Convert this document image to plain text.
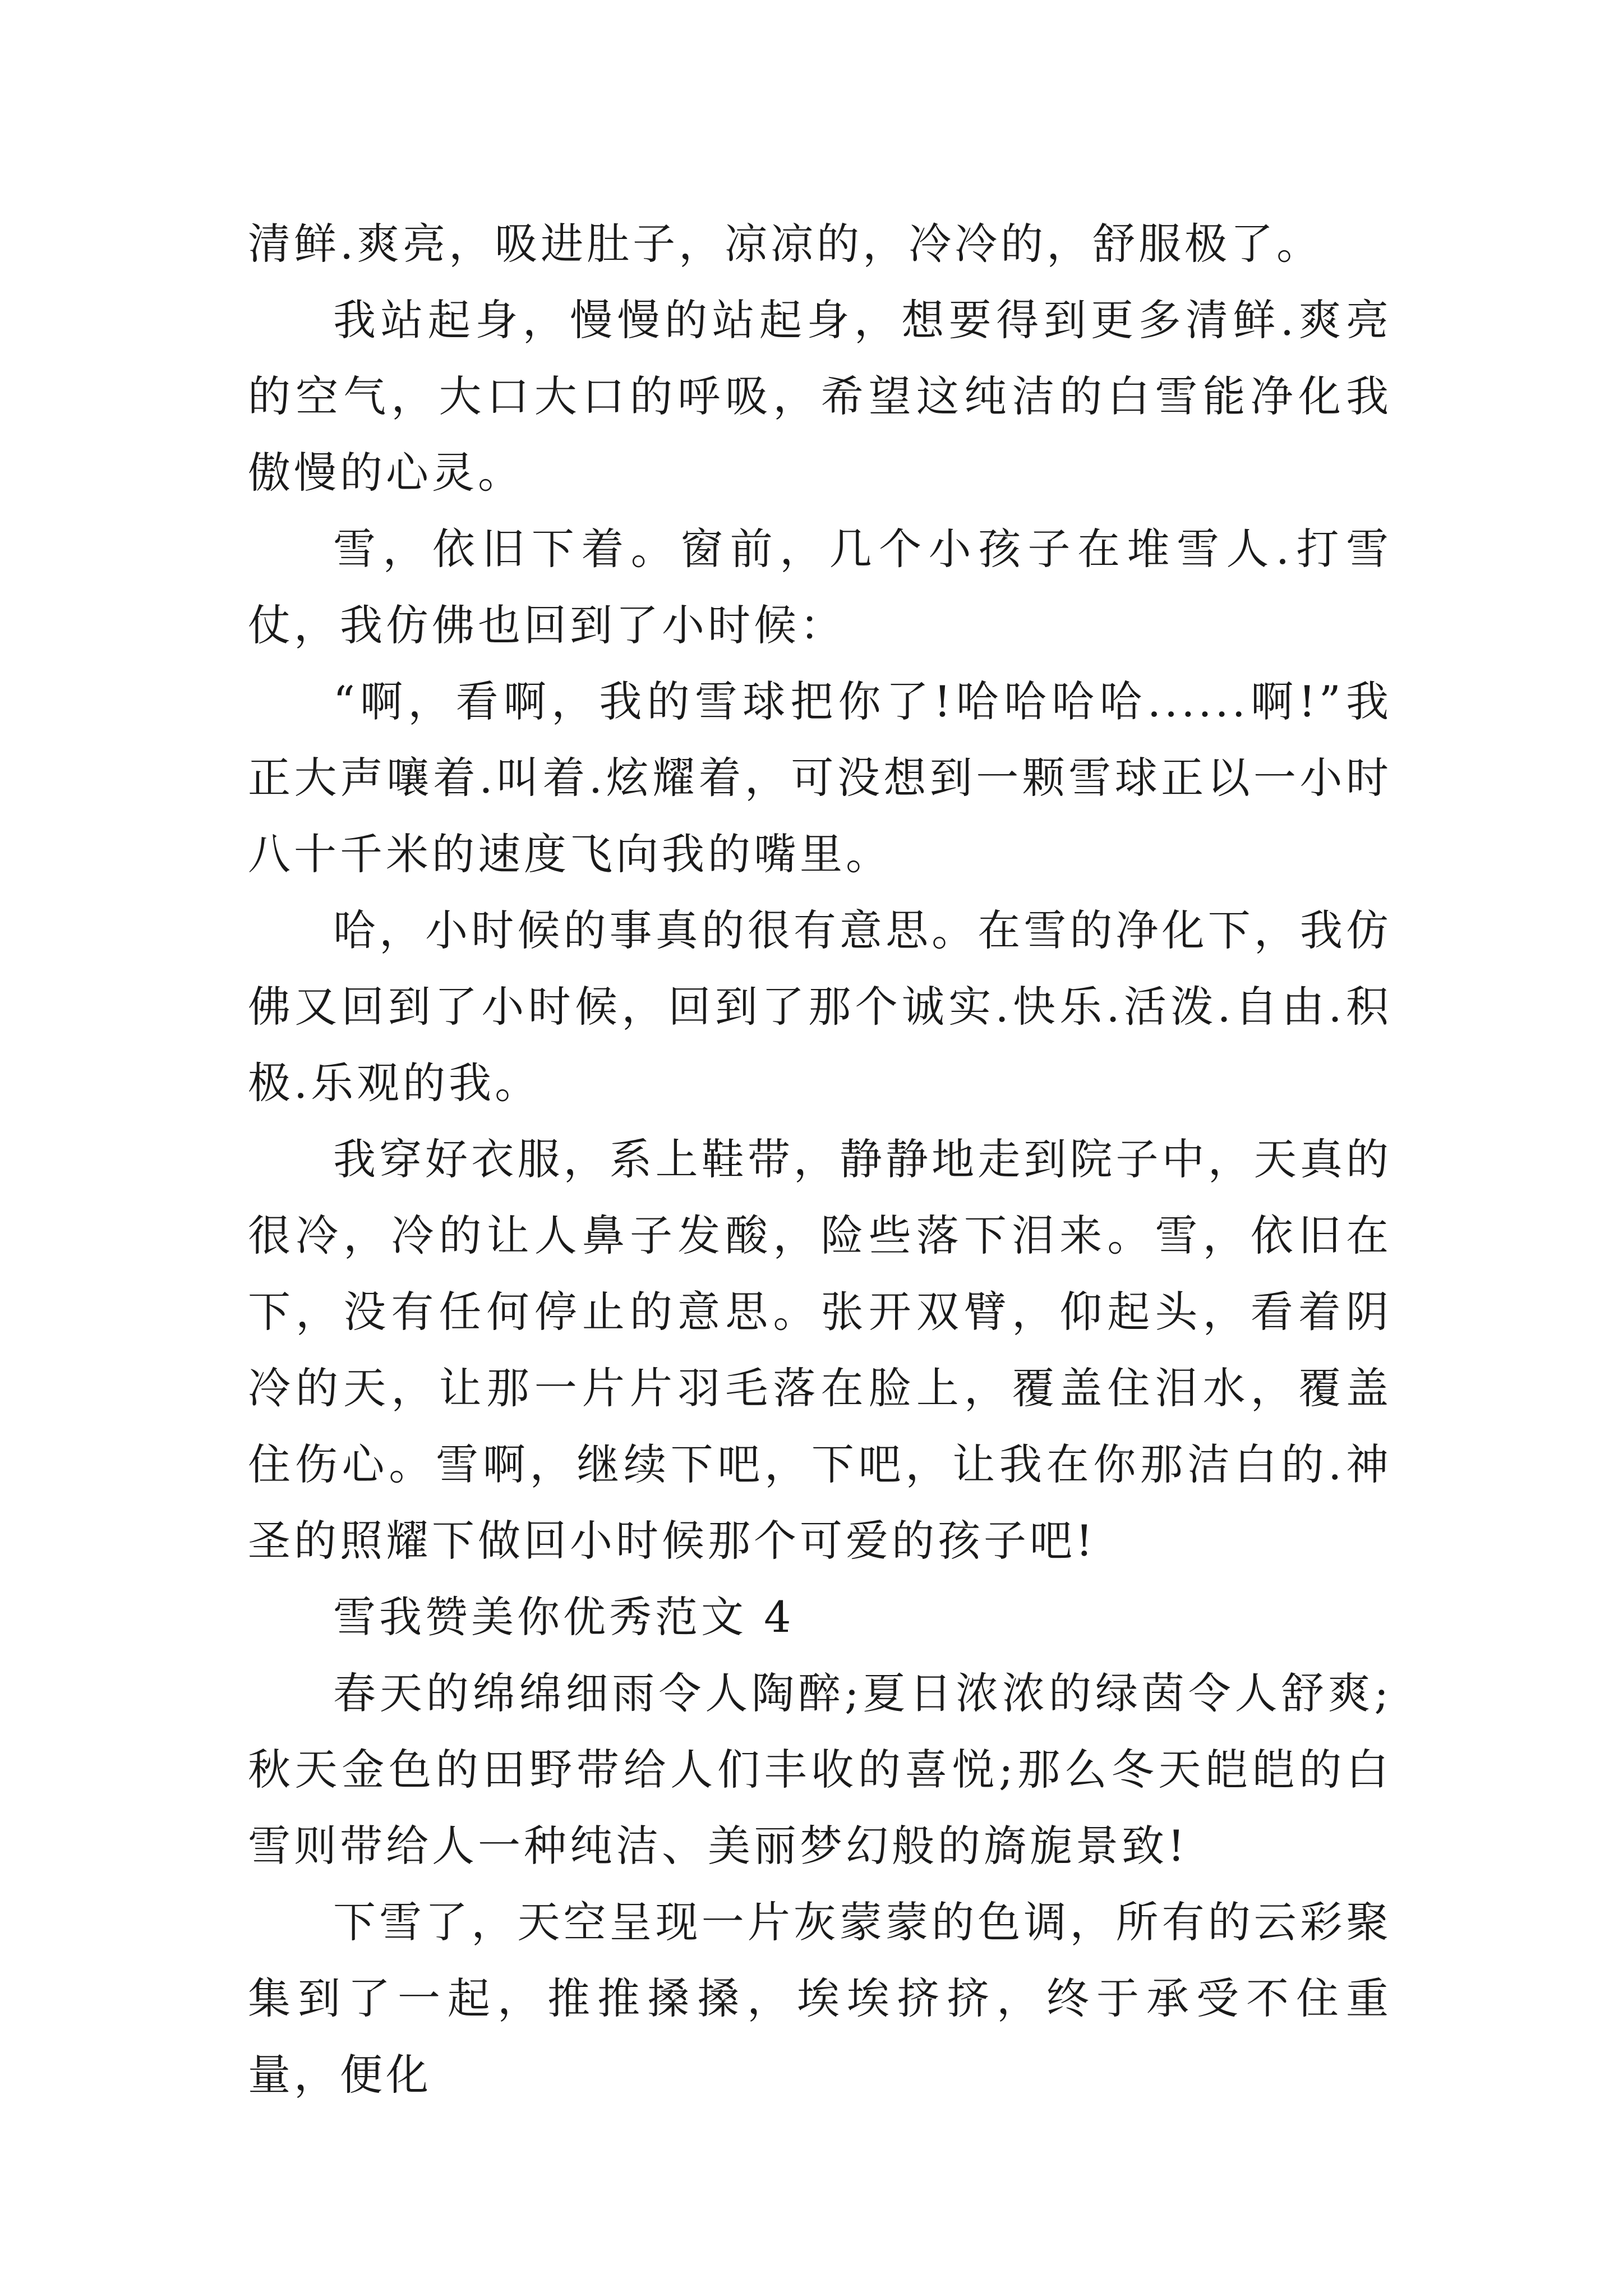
清鲜.爽亮，吸进肚子，凉凉的，冷冷的，舒服极了。

我站起身，慢慢的站起身，想要得到更多清鲜.爽亮的空气，大口大口的呼吸，希望这纯洁的白雪能净化我傲慢的心灵。

雪，依旧下着。窗前，几个小孩子在堆雪人.打雪仗，我仿佛也回到了小时候：

“啊，看啊，我的雪球把你了!哈哈哈哈......啊!”我正大声嚷着.叫着.炫耀着，可没想到一颗雪球正以一小时八十千米的速度飞向我的嘴里。

哈，小时候的事真的很有意思。在雪的净化下，我仿佛又回到了小时候，回到了那个诚实.快乐.活泼.自由.积极.乐观的我。

我穿好衣服，系上鞋带，静静地走到院子中，天真的很冷，冷的让人鼻子发酸，险些落下泪来。雪，依旧在下，没有任何停止的意思。张开双臂，仰起头，看着阴冷的天，让那一片片羽毛落在脸上，覆盖住泪水，覆盖住伤心。雪啊，继续下吧，下吧，让我在你那洁白的.神圣的照耀下做回小时候那个可爱的孩子吧!

雪我赞美你优秀范文 4

春天的绵绵细雨令人陶醉;夏日浓浓的绿茵令人舒爽;秋天金色的田野带给人们丰收的喜悦;那么冬天皑皑的白雪则带给人一种纯洁、美丽梦幻般的旖旎景致!

下雪了，天空呈现一片灰蒙蒙的色调，所有的云彩聚集到了一起，推推搡搡，埃埃挤挤，终于承受不住重量，便化
